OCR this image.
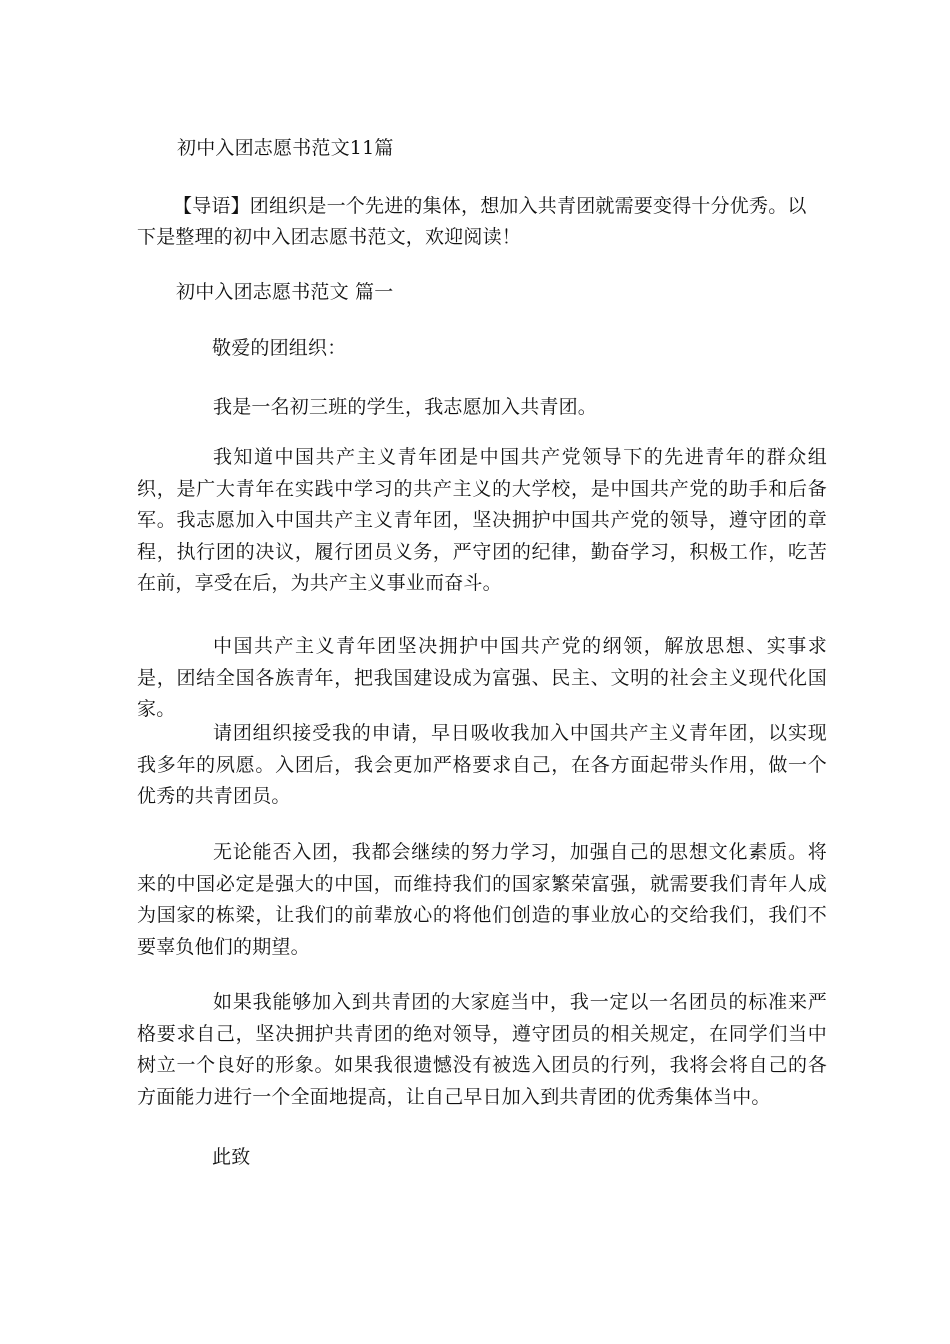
初中入团志愿书范文11篇
【导语】团组织是一个先进的集体，想加入共青团就需要变得十分优秀。以下是整理的初中入团志愿书范文，欢迎阅读！
初中入团志愿书范文 篇一
敬爱的团组织：
我是一名初三班的学生，我志愿加入共青团。
我知道中国共产主义青年团是中国共产党领导下的先进青年的群众组织，是广大青年在实践中学习的共产主义的大学校，是中国共产党的助手和后备军。我志愿加入中国共产主义青年团，坚决拥护中国共产党的领导，遵守团的章程，执行团的决议，履行团员义务，严守团的纪律，勤奋学习，积极工作，吃苦在前，享受在后，为共产主义事业而奋斗。
中国共产主义青年团坚决拥护中国共产党的纲领，解放思想、实事求是，团结全国各族青年，把我国建设成为富强、民主、文明的社会主义现代化国家。
请团组织接受我的申请，早日吸收我加入中国共产主义青年团，以实现我多年的夙愿。入团后，我会更加严格要求自己，在各方面起带头作用，做一个优秀的共青团员。
无论能否入团，我都会继续的努力学习，加强自己的思想文化素质。将来的中国必定是强大的中国，而维持我们的国家繁荣富强，就需要我们青年人成为国家的栋梁，让我们的前辈放心的将他们创造的事业放心的交给我们，我们不要辜负他们的期望。
如果我能够加入到共青团的大家庭当中，我一定以一名团员的标准来严格要求自己，坚决拥护共青团的绝对领导，遵守团员的相关规定，在同学们当中树立一个良好的形象。如果我很遗憾没有被选入团员的行列，我将会将自己的各方面能力进行一个全面地提高，让自己早日加入到共青团的优秀集体当中。
此致
